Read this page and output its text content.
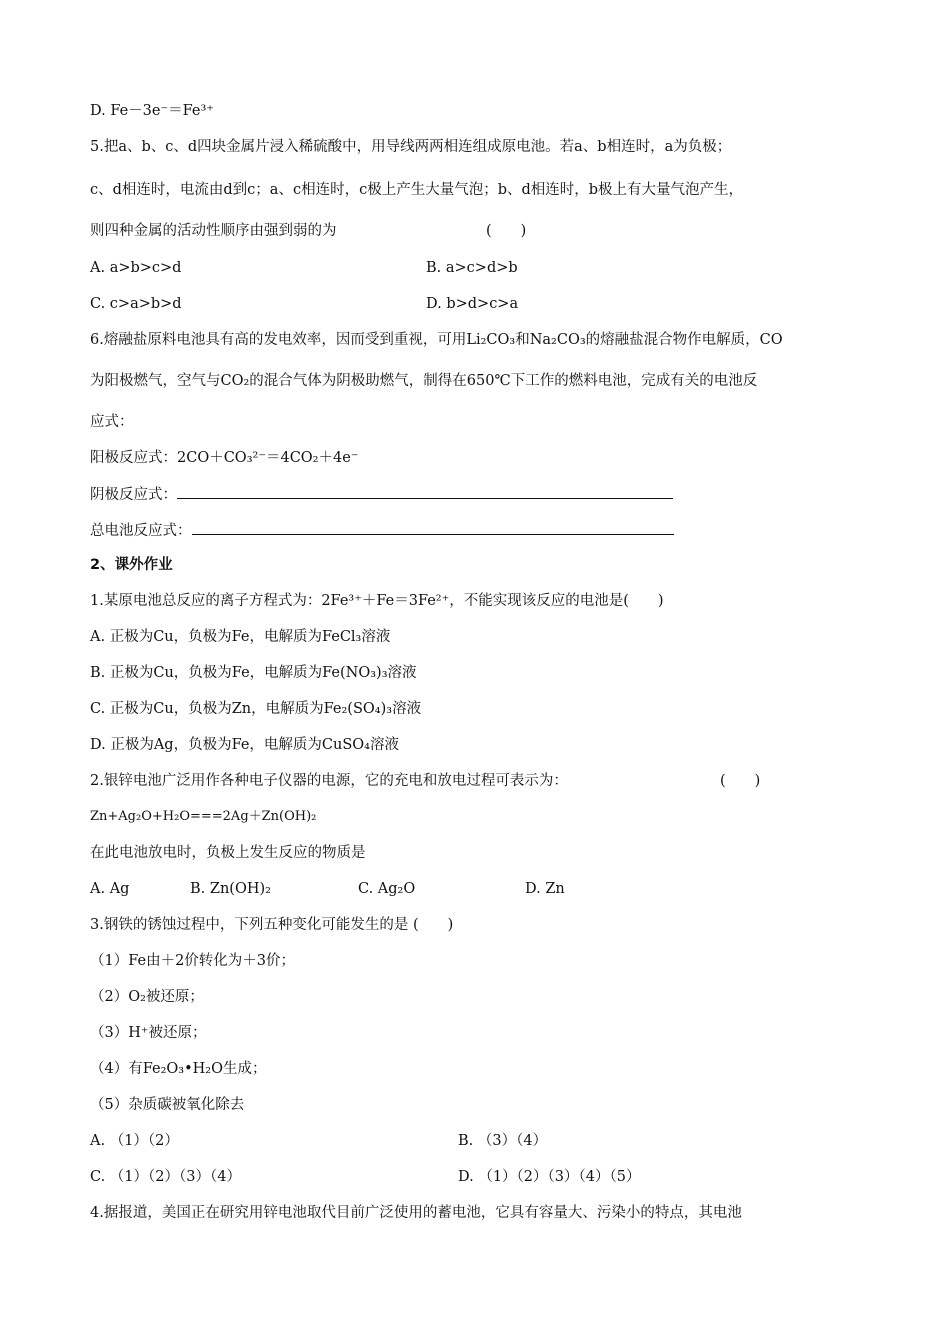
D. Fe－3e⁻＝Fe³⁺
5.把a、b、c、d四块金属片浸入稀硫酸中，用导线两两相连组成原电池。若a、b相连时，a为负极；
c、d相连时，电流由d到c；a、c相连时，c极上产生大量气泡；b、d相连时，b极上有大量气泡产生，
则四种金属的活动性顺序由强到弱的为	(　　)
A. a>b>c>d	B. a>c>d>b
C. c>a>b>d	D. b>d>c>a
6.熔融盐原料电池具有高的发电效率，因而受到重视，可用Li₂CO₃和Na₂CO₃的熔融盐混合物作电解质，CO
为阳极燃气，空气与CO₂的混合气体为阴极助燃气，制得在650℃下工作的燃料电池，完成有关的电池反
应式：
阳极反应式：2CO＋CO₃²⁻＝4CO₂＋4e⁻
阴极反应式：
总电池反应式：
2、课外作业
1.某原电池总反应的离子方程式为：2Fe³⁺＋Fe＝3Fe²⁺，不能实现该反应的电池是(　　)
A. 正极为Cu，负极为Fe，电解质为FeCl₃溶液
B. 正极为Cu，负极为Fe，电解质为Fe(NO₃)₃溶液
C. 正极为Cu，负极为Zn，电解质为Fe₂(SO₄)₃溶液
D. 正极为Ag，负极为Fe，电解质为CuSO₄溶液
2.银锌电池广泛用作各种电子仪器的电源，它的充电和放电过程可表示为：	(　　)
Zn+Ag₂O+H₂O===2Ag＋Zn(OH)₂
在此电池放电时，负极上发生反应的物质是
A. Ag	B. Zn(OH)₂	C. Ag₂O	D. Zn
3.钢铁的锈蚀过程中，下列五种变化可能发生的是 (　　)
（1）Fe由＋2价转化为＋3价；
（2）O₂被还原；
（3）H⁺被还原；
（4）有Fe₂O₃•H₂O生成；
（5）杂质碳被氧化除去
A. （1）（2）	B. （3）（4）
C. （1）（2）（3）（4）	D. （1）（2）（3）（4）（5）
4.据报道，美国正在研究用锌电池取代目前广泛使用的蓄电池，它具有容量大、污染小的特点，其电池
